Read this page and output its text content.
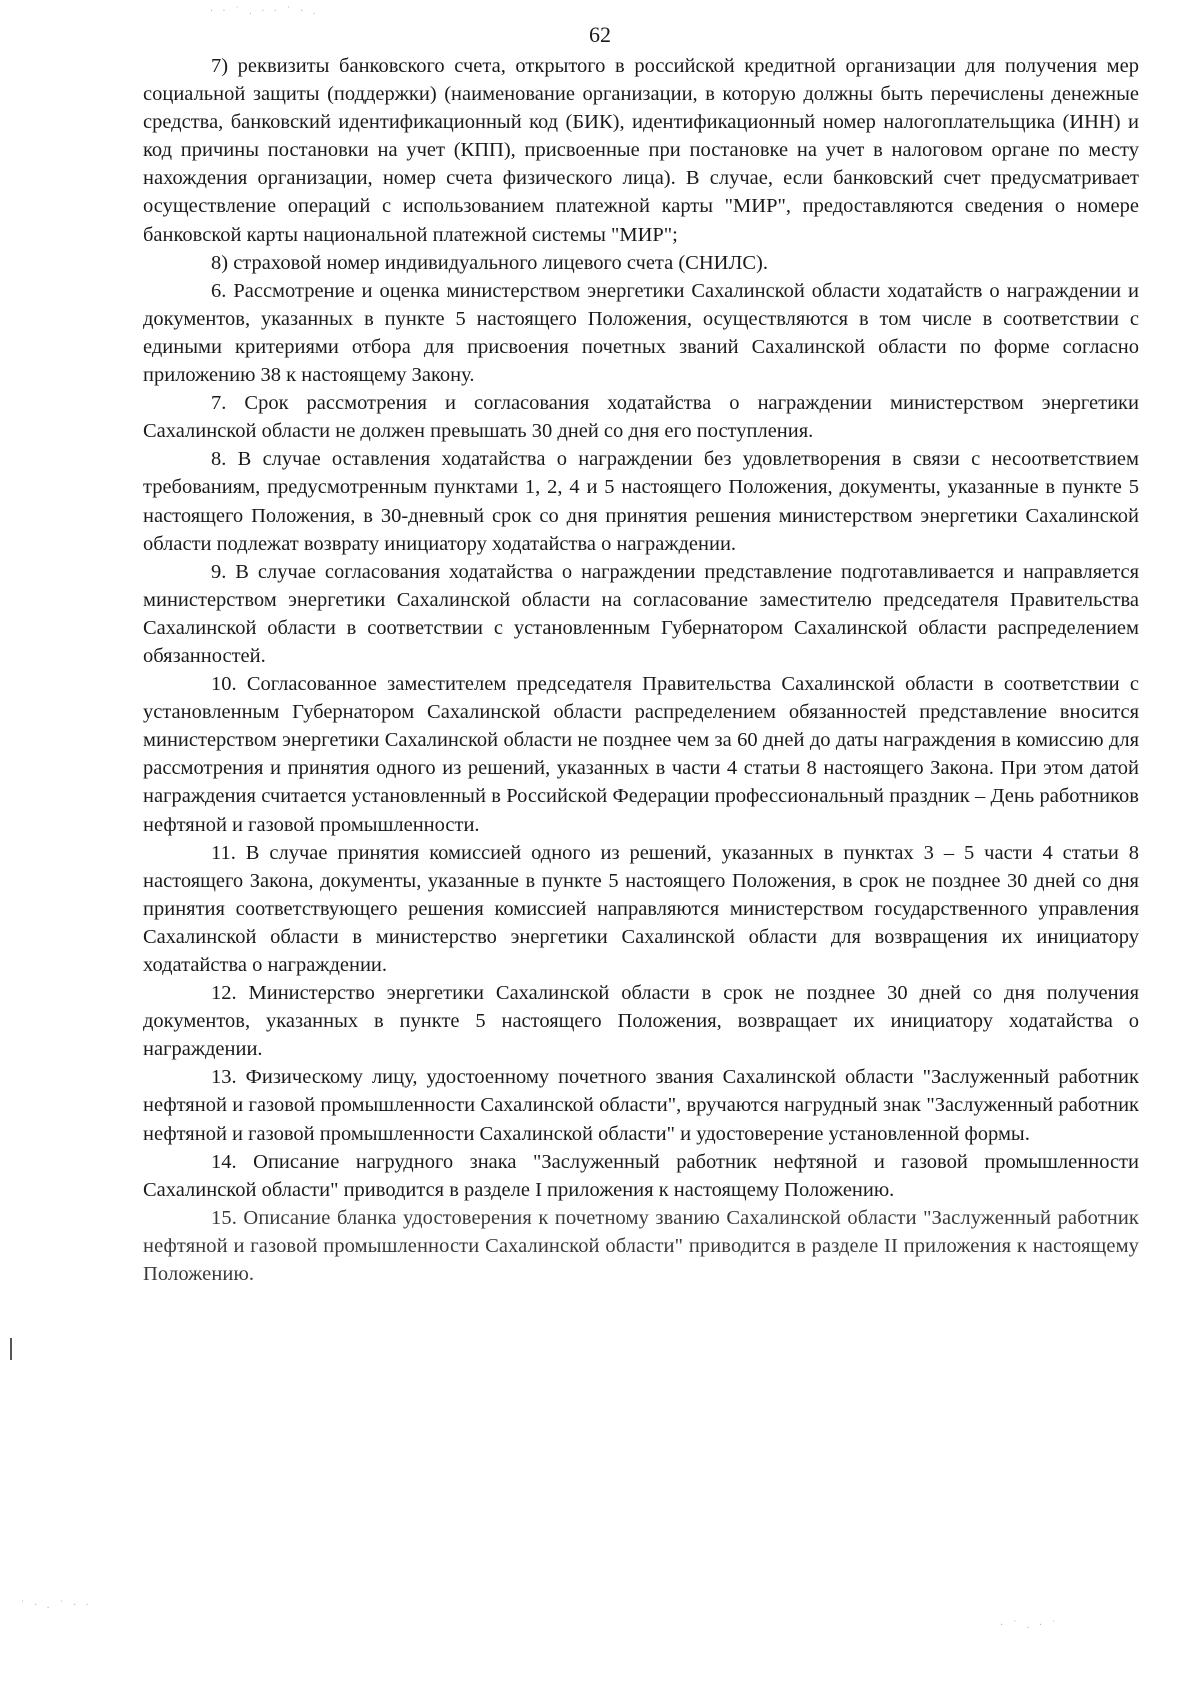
62

7) реквизиты банковского счета, открытого в российской кредитной организации для получения мер социальной защиты (поддержки) (наименование организации, в которую должны быть перечислены денежные средства, банковский идентификационный код (БИК), идентификационный номер налогоплательщика (ИНН) и код причины постановки на учет (КПП), присвоенные при постановке на учет в налоговом органе по месту нахождения организации, номер счета физического лица). В случае, если банковский счет предусматривает осуществление операций с использованием платежной карты "МИР", предоставляются сведения о номере банковской карты национальной платежной системы "МИР";

8) страховой номер индивидуального лицевого счета (СНИЛС).

6. Рассмотрение и оценка министерством энергетики Сахалинской области ходатайств о награждении и документов, указанных в пункте 5 настоящего Положения, осуществляются в том числе в соответствии с едиными критериями отбора для присвоения почетных званий Сахалинской области по форме согласно приложению 38 к настоящему Закону.

7. Срок рассмотрения и согласования ходатайства о награждении министерством энергетики Сахалинской области не должен превышать 30 дней со дня его поступления.

8. В случае оставления ходатайства о награждении без удовлетворения в связи с несоответствием требованиям, предусмотренным пунктами 1, 2, 4 и 5 настоящего Положения, документы, указанные в пункте 5 настоящего Положения, в 30-дневный срок со дня принятия решения министерством энергетики Сахалинской области подлежат возврату инициатору ходатайства о награждении.

9. В случае согласования ходатайства о награждении представление подготавливается и направляется министерством энергетики Сахалинской области на согласование заместителю председателя Правительства Сахалинской области в соответствии с установленным Губернатором Сахалинской области распределением обязанностей.

10. Согласованное заместителем председателя Правительства Сахалинской области в соответствии с установленным Губернатором Сахалинской области распределением обязанностей представление вносится министерством энергетики Сахалинской области не позднее чем за 60 дней до даты награждения в комиссию для рассмотрения и принятия одного из решений, указанных в части 4 статьи 8 настоящего Закона. При этом датой награждения считается установленный в Российской Федерации профессиональный праздник – День работников нефтяной и газовой промышленности.

11. В случае принятия комиссией одного из решений, указанных в пунктах 3 – 5 части 4 статьи 8 настоящего Закона, документы, указанные в пункте 5 настоящего Положения, в срок не позднее 30 дней со дня принятия соответствующего решения комиссией направляются министерством государственного управления Сахалинской области в министерство энергетики Сахалинской области для возвращения их инициатору ходатайства о награждении.

12. Министерство энергетики Сахалинской области в срок не позднее 30 дней со дня получения документов, указанных в пункте 5 настоящего Положения, возвращает их инициатору ходатайства о награждении.

13. Физическому лицу, удостоенному почетного звания Сахалинской области "Заслуженный работник нефтяной и газовой промышленности Сахалинской области", вручаются нагрудный знак "Заслуженный работник нефтяной и газовой промышленности Сахалинской области" и удостоверение установленной формы.

14. Описание нагрудного знака "Заслуженный работник нефтяной и газовой промышленности Сахалинской области" приводится в разделе I приложения к настоящему Положению.

15. Описание бланка удостоверения к почетному званию Сахалинской области "Заслуженный работник нефтяной и газовой промышленности Сахалинской области" приводится в разделе II приложения к настоящему Положению.

· · ˙ . · · ˙ · .
˙ · . ˙ · ·
· ˙ . · ˙
